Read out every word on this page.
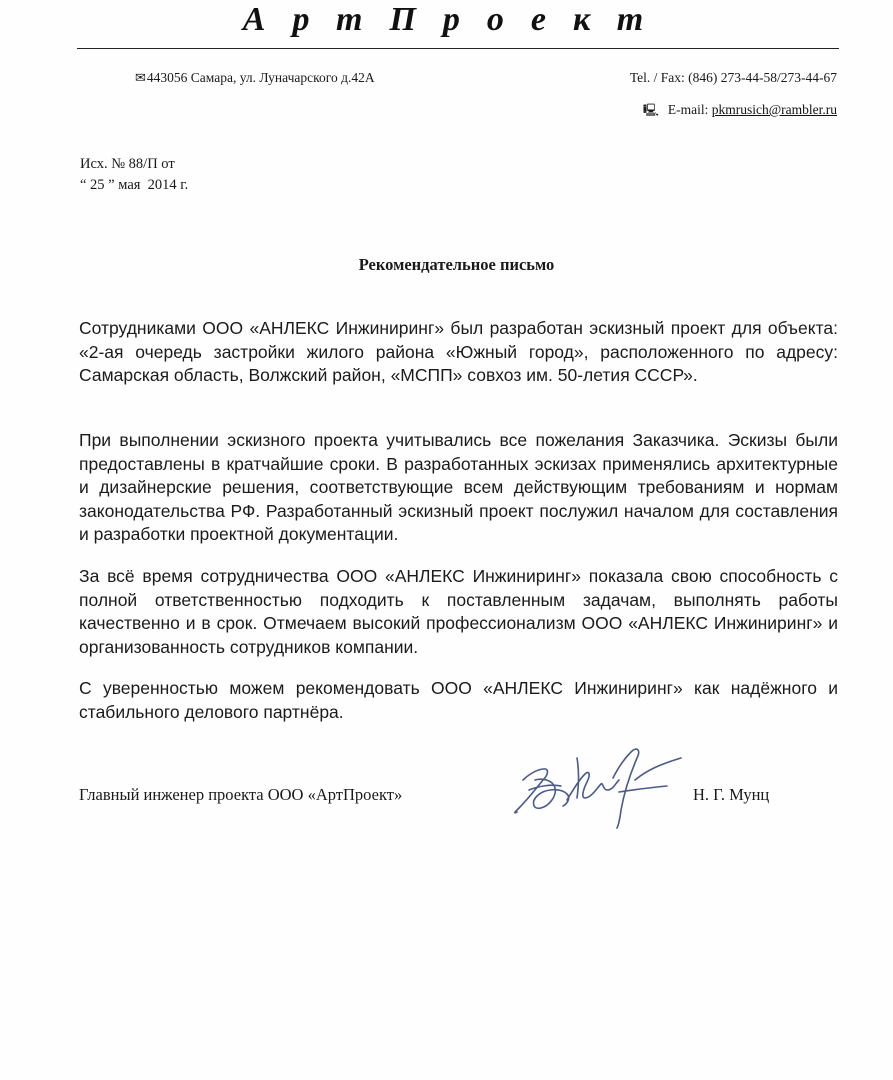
АртПроект
✉443056 Самара, ул. Луначарского д.42А	Tel. / Fax: (846) 273-44-58/273-44-67
🖳 E-mail: pkmrusich@rambler.ru
Исх. № 88/П от
“ 25 ” мая  2014 г.
Рекомендательное письмо

Сотрудниками ООО «АНЛЕКС Инжиниринг» был разработан эскизный проект для объекта: «2-ая очередь застройки жилого района «Южный город», расположенного по адресу: Самарская область, Волжский район, «МСПП» совхоз им. 50-летия СССР».

При выполнении эскизного проекта учитывались все пожелания Заказчика. Эскизы были предоставлены в кратчайшие сроки. В разработанных эскизах применялись архитектурные и дизайнерские решения, соответствующие всем действующим требованиям и нормам законодательства РФ. Разработанный эскизный проект послужил началом для составления и разработки проектной документации.

За всё время сотрудничества ООО «АНЛЕКС Инжиниринг» показала свою способность с полной ответственностью подходить к поставленным задачам, выполнять работы качественно и в срок. Отмечаем высокий профессионализм ООО «АНЛЕКС Инжиниринг» и организованность сотрудников компании.

С уверенностью можем рекомендовать ООО «АНЛЕКС Инжиниринг» как надёжного и стабильного делового партнёра.

Главный инженер проекта ООО «АртПроект»	Н. Г. Мунц
